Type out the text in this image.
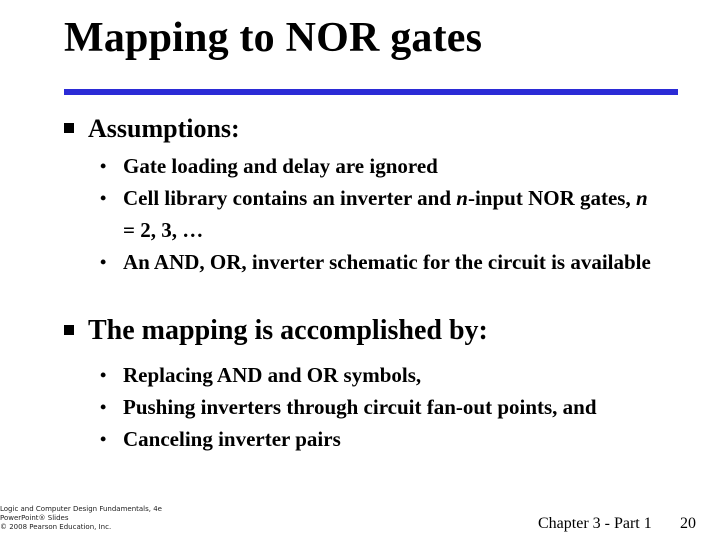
Mapping to NOR gates
Assumptions:
• Gate loading and delay are ignored
• Cell library contains an inverter and n-input NOR gates, n = 2, 3, …
• An AND, OR, inverter schematic for the circuit is available
The mapping is accomplished by:
• Replacing AND and OR symbols,
• Pushing inverters through circuit fan-out points, and
• Canceling inverter pairs
Logic and Computer Design Fundamentals, 4e
PowerPoint® Slides
© 2008 Pearson Education, Inc.	Chapter 3 - Part 1 20
